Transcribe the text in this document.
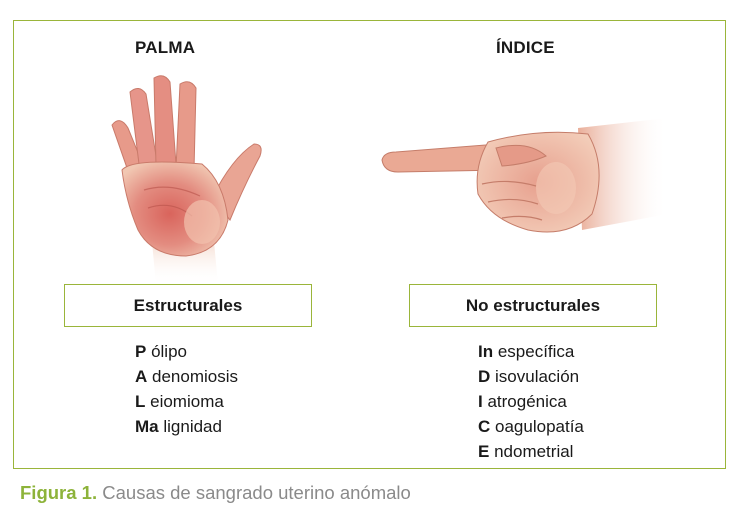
PALMA	ÍNDICE
Estructurales	No estructurales
P ólipo
A denomiosis
L eiomioma
Ma lignidad
In específica
D isovulación
I atrogénica
C oagulopatía
E ndometrial
Figura 1. Causas de sangrado uterino anómalo
